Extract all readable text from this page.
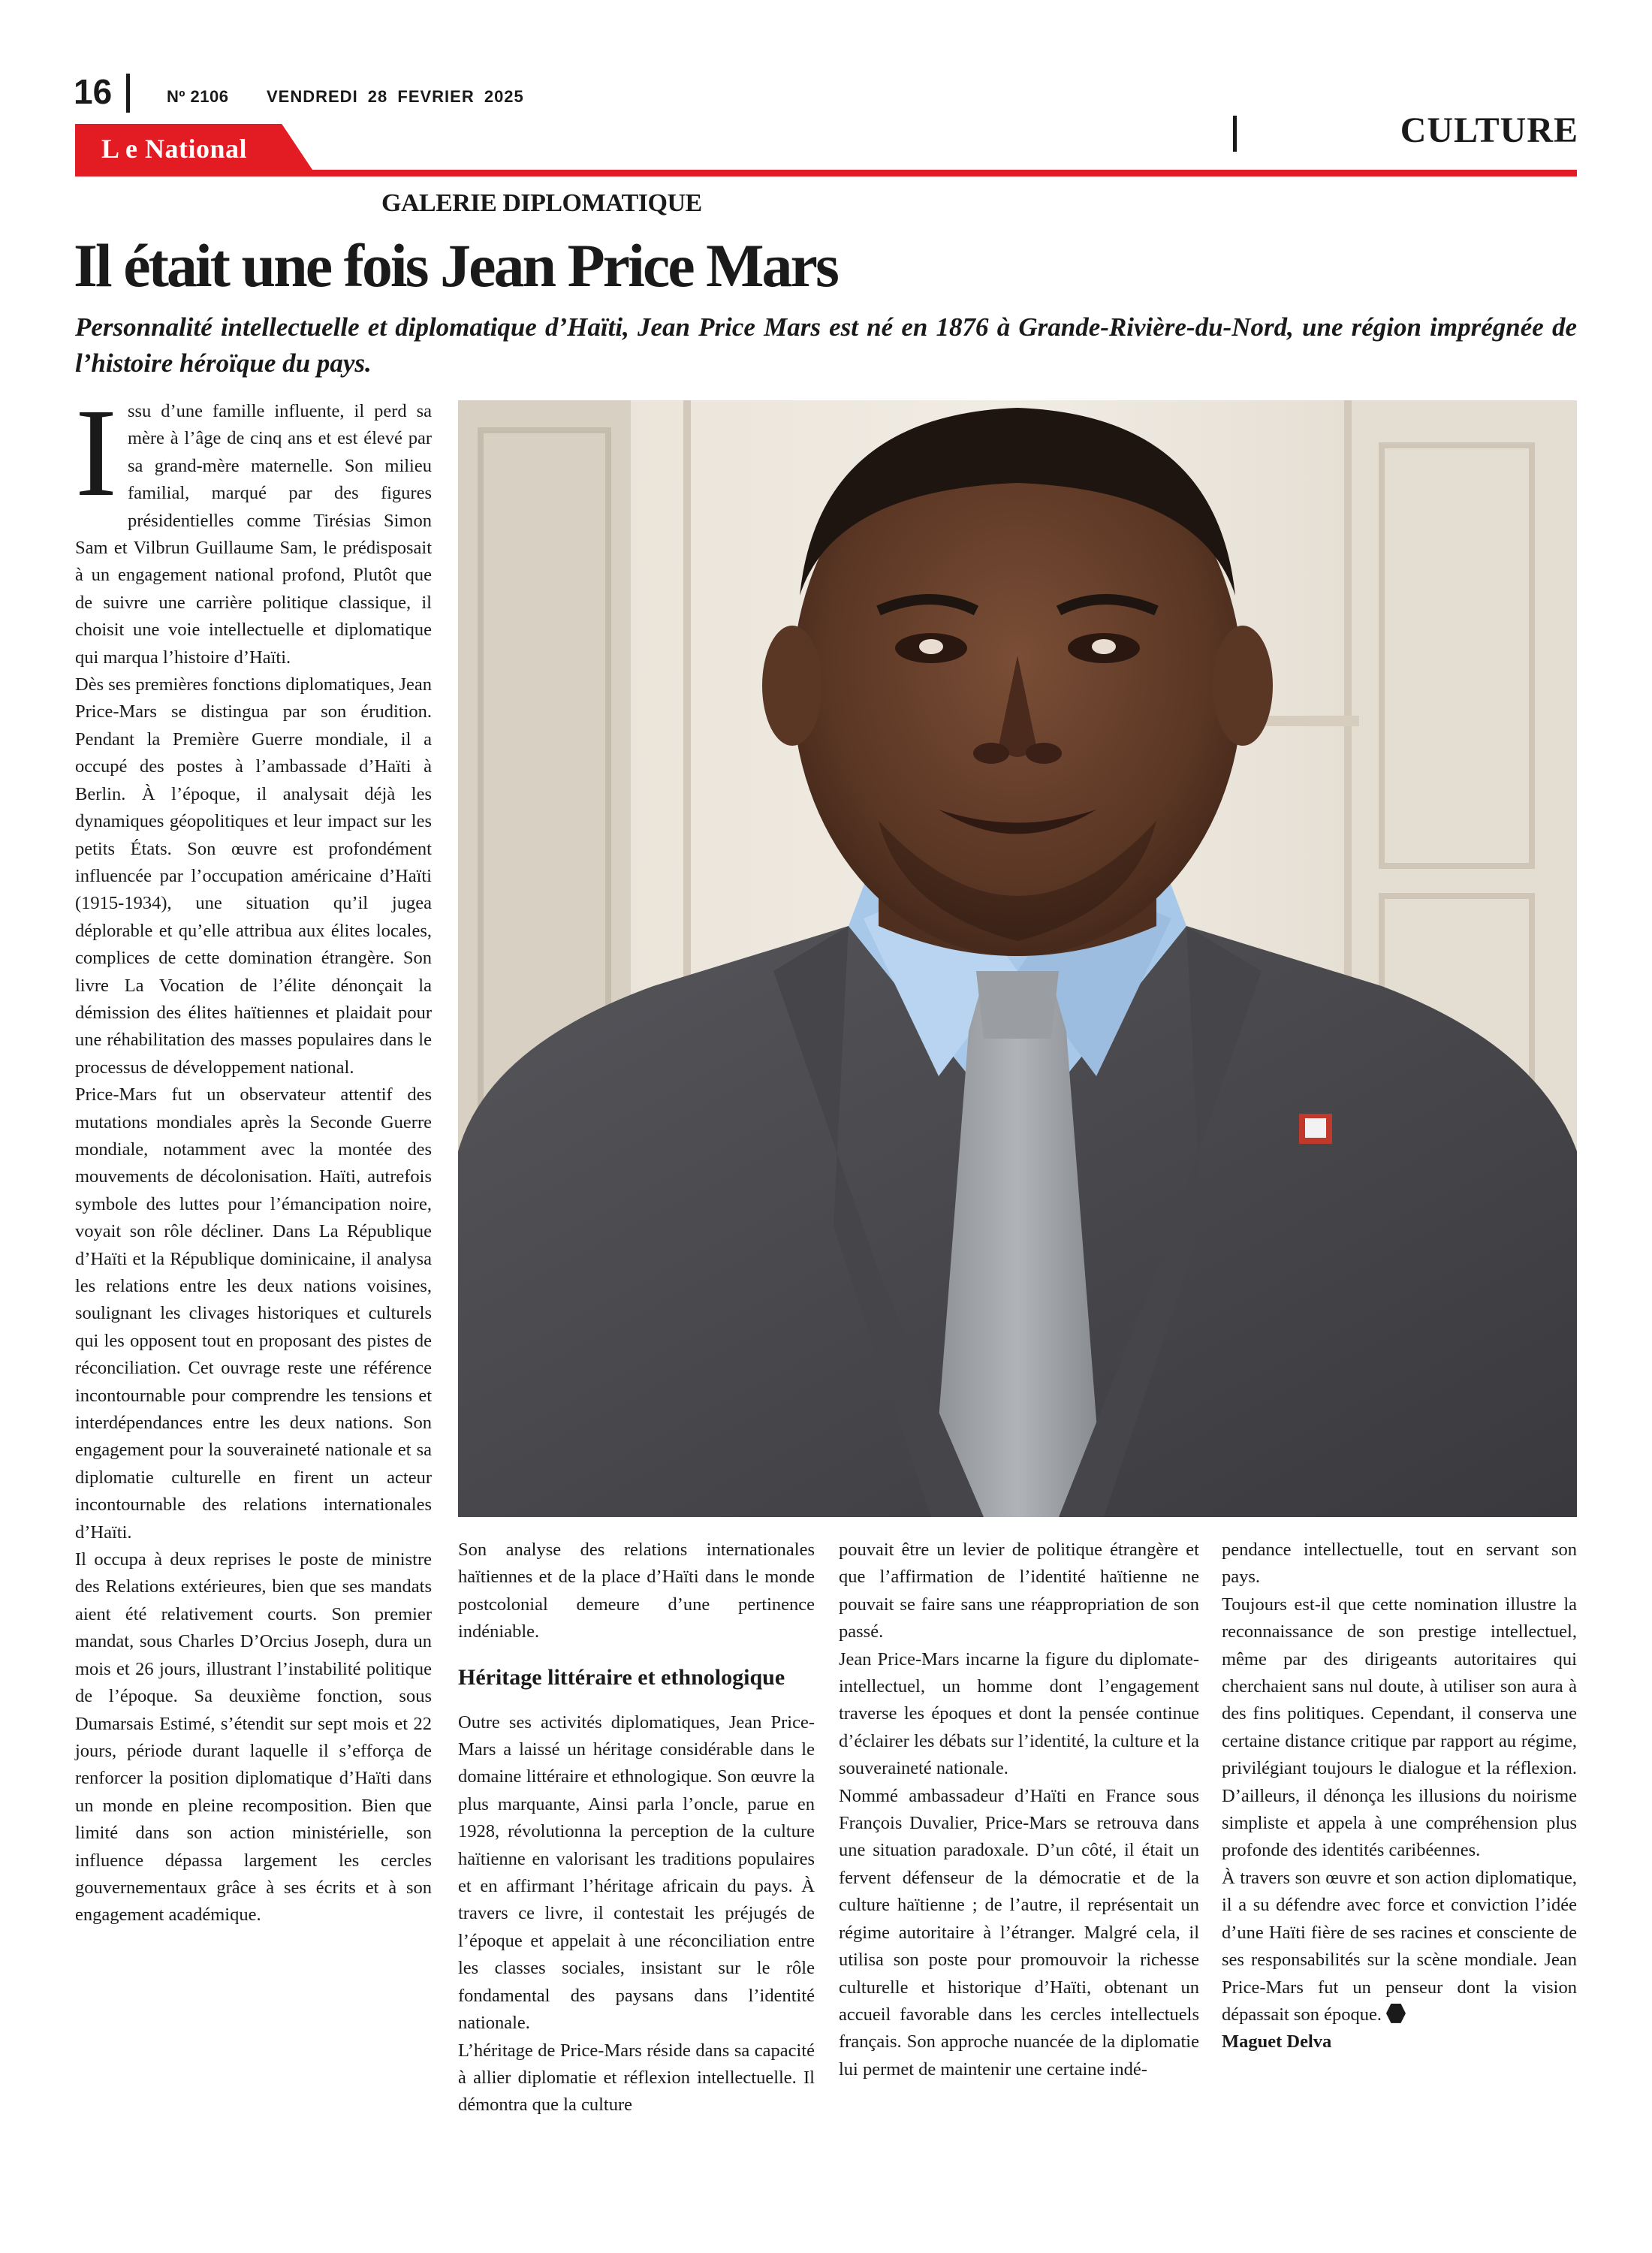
16	Nº 2106 VENDREDI 28 FEVRIER 2025
L e National	CULTURE
GALERIE DIPLOMATIQUE
Il était une fois Jean Price Mars

Personnalité intellectuelle et diplomatique d’Haïti, Jean Price Mars est né en 1876 à Grande-Rivière-du-Nord, une région imprégnée de l’histoire héroïque du pays.

Issu d’une famille influente, il perd sa mère à l’âge de cinq ans et est élevé par sa grand-mère maternelle. Son milieu familial, marqué par des figures présidentielles comme Tirésias Simon Sam et Vilbrun Guillaume Sam, le prédisposait à un engagement national profond, Plutôt que de suivre une carrière politique classique, il choisit une voie intellectuelle et diplomatique qui marqua l’histoire d’Haïti.

Dès ses premières fonctions diplomatiques, Jean Price-Mars se distingua par son érudition. Pendant la Première Guerre mondiale, il a occupé des postes à l’ambassade d’Haïti à Berlin. À l’époque, il analysait déjà les dynamiques géopolitiques et leur impact sur les petits États. Son œuvre est profondément influencée par l’occupation américaine d’Haïti (1915-1934), une situation qu’il jugea déplorable et qu’elle attribua aux élites locales, complices de cette domination étrangère. Son livre La Vocation de l’élite dénonçait la démission des élites haïtiennes et plaidait pour une réhabilitation des masses populaires dans le processus de développement national.

Price-Mars fut un observateur attentif des mutations mondiales après la Seconde Guerre mondiale, notamment avec la montée des mouvements de décolonisation. Haïti, autrefois symbole des luttes pour l’émancipation noire, voyait son rôle décliner. Dans La République d’Haïti et la République dominicaine, il analysa les relations entre les deux nations voisines, soulignant les clivages historiques et culturels qui les opposent tout en proposant des pistes de réconciliation. Cet ouvrage reste une référence incontournable pour comprendre les tensions et interdépendances entre les deux nations. Son engagement pour la souveraineté nationale et sa diplomatie culturelle en firent un acteur incontournable des relations internationales d’Haïti.

Il occupa à deux reprises le poste de ministre des Relations extérieures, bien que ses mandats aient été relativement courts. Son premier mandat, sous Charles D’Orcius Joseph, dura un mois et 26 jours, illustrant l’instabilité politique de l’époque. Sa deuxième fonction, sous Dumarsais Estimé, s’étendit sur sept mois et 22 jours, période durant laquelle il s’efforça de renforcer la position diplomatique d’Haïti dans un monde en pleine recomposition. Bien que limité dans son action ministérielle, son influence dépassa largement les cercles gouvernementaux grâce à ses écrits et à son engagement académique.

Son analyse des relations internationales haïtiennes et de la place d’Haïti dans le monde postcolonial demeure d’une pertinence indéniable.

Héritage littéraire et ethnologique

Outre ses activités diplomatiques, Jean Price-Mars a laissé un héritage considérable dans le domaine littéraire et ethnologique. Son œuvre la plus marquante, Ainsi parla l’oncle, parue en 1928, révolutionna la perception de la culture haïtienne en valorisant les traditions populaires et en affirmant l’héritage africain du pays. À travers ce livre, il contestait les préjugés de l’époque et appelait à une réconciliation entre les classes sociales, insistant sur le rôle fondamental des paysans dans l’identité nationale.

L’héritage de Price-Mars réside dans sa capacité à allier diplomatie et réflexion intellectuelle. Il démontra que la culture

pouvait être un levier de politique étrangère et que l’affirmation de l’identité haïtienne ne pouvait se faire sans une réappropriation de son passé.

Jean Price-Mars incarne la figure du diplomate-intellectuel, un homme dont l’engagement traverse les époques et dont la pensée continue d’éclairer les débats sur l’identité, la culture et la souveraineté nationale.

Nommé ambassadeur d’Haïti en France sous François Duvalier, Price-Mars se retrouva dans une situation paradoxale. D’un côté, il était un fervent défenseur de la démocratie et de la culture haïtienne ; de l’autre, il représentait un régime autoritaire à l’étranger. Malgré cela, il utilisa son poste pour promouvoir la richesse culturelle et historique d’Haïti, obtenant un accueil favorable dans les cercles intellectuels français. Son approche nuancée de la diplomatie lui permet de maintenir une certaine indé-

pendance intellectuelle, tout en servant son pays.

Toujours est-il que cette nomination illustre la reconnaissance de son prestige intellectuel, même par des dirigeants autoritaires qui cherchaient sans nul doute, à utiliser son aura à des fins politiques. Cependant, il conserva une certaine distance critique par rapport au régime, privilégiant toujours le dialogue et la réflexion. D’ailleurs, il dénonça les illusions du noirisme simpliste et appela à une compréhension plus profonde des identités caribéennes.

À travers son œuvre et son action diplomatique, il a su défendre avec force et conviction l’idée d’une Haïti fière de ses racines et consciente de ses responsabilités sur la scène mondiale. Jean Price-Mars fut un penseur dont la vision dépassait son époque.

Maguet Delva
